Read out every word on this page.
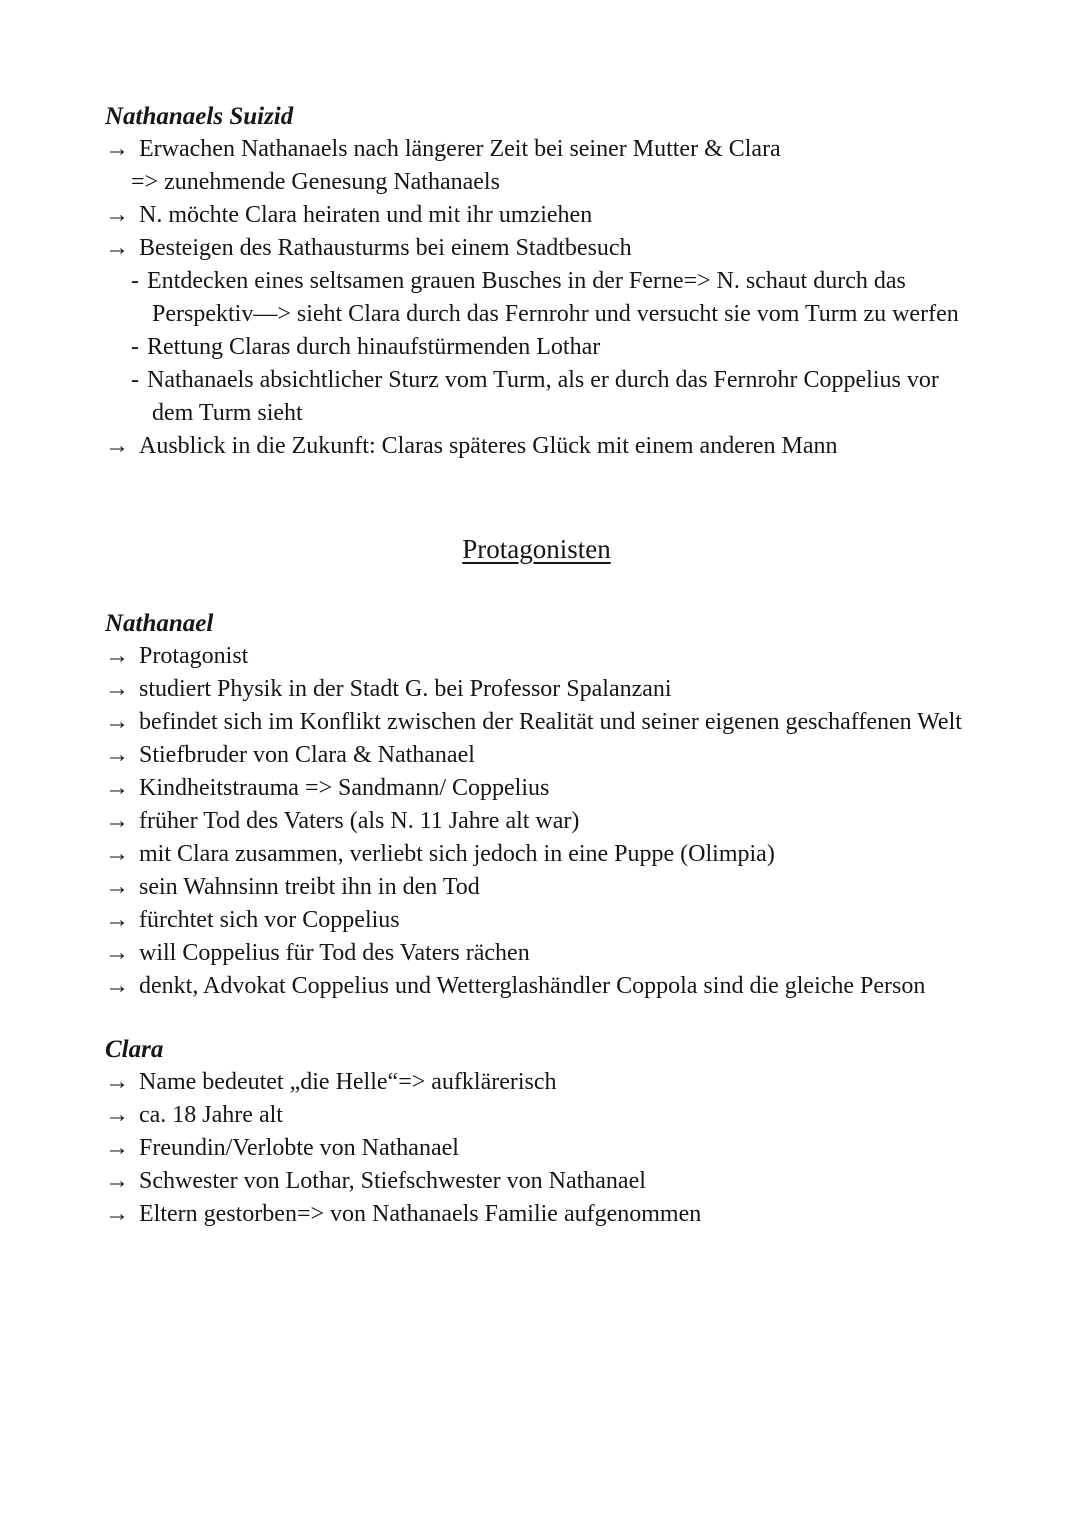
Nathanaels Suizid

→ Erwachen Nathanaels nach längerer Zeit bei seiner Mutter & Clara

=> zunehmende Genesung Nathanaels

→ N. möchte Clara heiraten und mit ihr umziehen

→ Besteigen des Rathausturms bei einem Stadtbesuch

- Entdecken eines seltsamen grauen Busches in der Ferne=> N. schaut durch das Perspektiv—> sieht Clara durch das Fernrohr und versucht sie vom Turm zu werfen

- Rettung Claras durch hinaufstürmenden Lothar

- Nathanaels absichtlicher Sturz vom Turm, als er durch das Fernrohr Coppelius vor dem Turm sieht

→ Ausblick in die Zukunft: Claras späteres Glück mit einem anderen Mann

Protagonisten
Nathanael

→ Protagonist

→ studiert Physik in der Stadt G. bei Professor Spalanzani

→ befindet sich im Konflikt zwischen der Realität und seiner eigenen geschaffenen Welt

→ Stiefbruder von Clara & Nathanael

→ Kindheitstrauma => Sandmann/ Coppelius

→ früher Tod des Vaters (als N. 11 Jahre alt war)

→ mit Clara zusammen, verliebt sich jedoch in eine Puppe (Olimpia)

→ sein Wahnsinn treibt ihn in den Tod

→ fürchtet sich vor Coppelius

→ will Coppelius für Tod des Vaters rächen

→ denkt, Advokat Coppelius und Wetterglashändler Coppola sind die gleiche Person

Clara

→ Name bedeutet „die Helle“=> aufklärerisch

→ ca. 18 Jahre alt

→ Freundin/Verlobte von Nathanael

→ Schwester von Lothar, Stiefschwester von Nathanael

→ Eltern gestorben=> von Nathanaels Familie aufgenommen
